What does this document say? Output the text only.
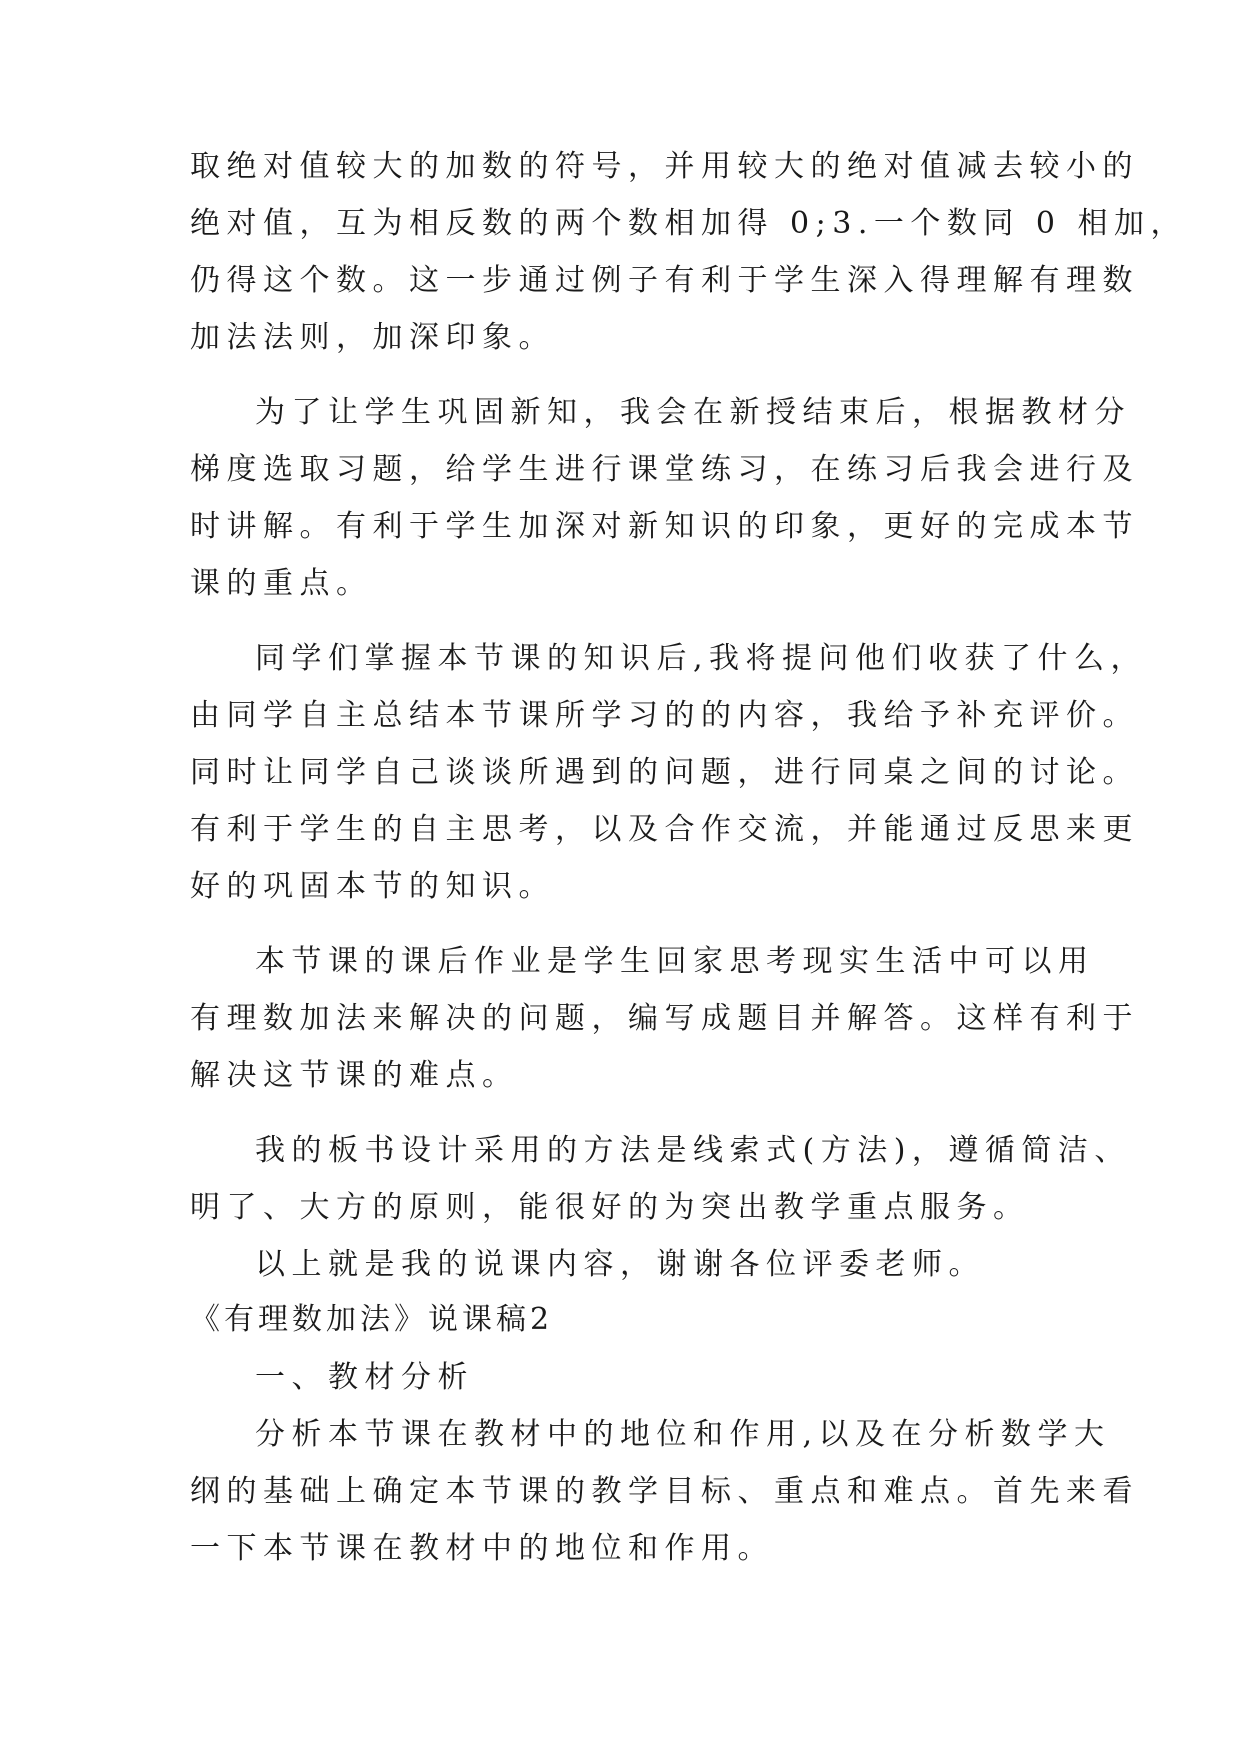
取绝对值较大的加数的符号，并用较大的绝对值减去较小的
绝对值，互为相反数的两个数相加得 0;3.一个数同 0 相加，
仍得这个数。这一步通过例子有利于学生深入得理解有理数
加法法则，加深印象。
为了让学生巩固新知，我会在新授结束后，根据教材分
梯度选取习题，给学生进行课堂练习，在练习后我会进行及
时讲解。有利于学生加深对新知识的印象，更好的完成本节
课的重点。
同学们掌握本节课的知识后,我将提问他们收获了什么，
由同学自主总结本节课所学习的的内容，我给予补充评价。
同时让同学自己谈谈所遇到的问题，进行同桌之间的讨论。
有利于学生的自主思考，以及合作交流，并能通过反思来更
好的巩固本节的知识。
本节课的课后作业是学生回家思考现实生活中可以用
有理数加法来解决的问题，编写成题目并解答。这样有利于
解决这节课的难点。
我的板书设计采用的方法是线索式(方法)，遵循简洁、
明了、大方的原则，能很好的为突出教学重点服务。
以上就是我的说课内容，谢谢各位评委老师。
《有理数加法》说课稿2
一、教材分析
分析本节课在教材中的地位和作用,以及在分析数学大
纲的基础上确定本节课的教学目标、重点和难点。首先来看
一下本节课在教材中的地位和作用。
